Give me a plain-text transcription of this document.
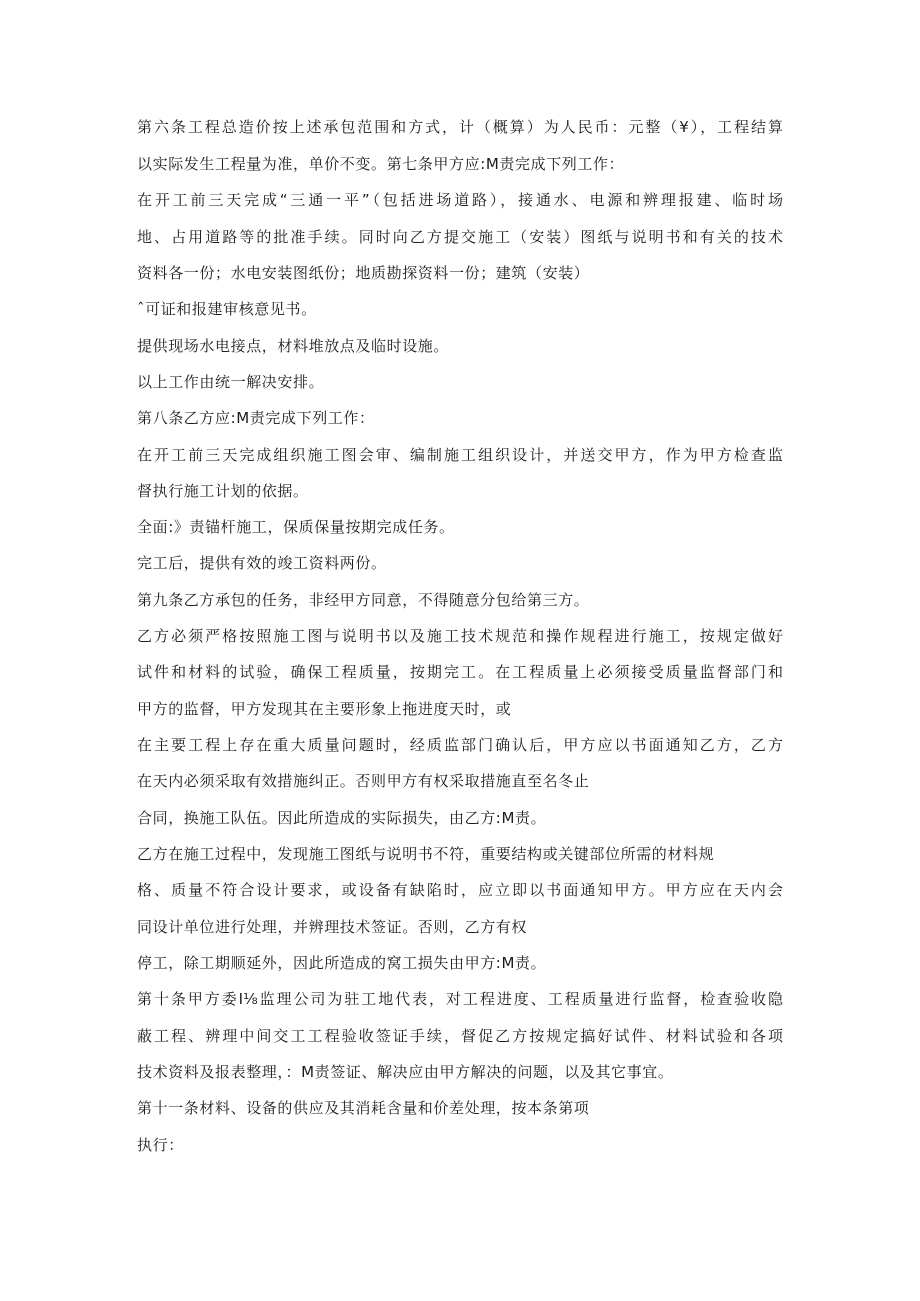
第六条工程总造价按上述承包范围和方式，计（概算）为人民币：元整（¥），工程结算
以实际发生工程量为准，单价不变。第七条甲方应:M责完成下列工作：
在开工前三天完成“三通一平”（包括进场道路），接通水、电源和辨理报建、临时场
地、占用道路等的批准手续。同时向乙方提交施工（安装）图纸与说明书和有关的技术
资料各一份；水电安装图纸份；地质勘探资料一份；建筑（安装）
ˆ可证和报建审核意见书。
提供现场水电接点，材料堆放点及临时设施。
以上工作由统一解决安排。
第八条乙方应:M责完成下列工作：
在开工前三天完成组织施工图会审、编制施工组织设计，并送交甲方，作为甲方检查监
督执行施工计划的依据。
全面:》责锚杆施工，保质保量按期完成任务。
完工后，提供有效的竣工资料两份。
第九条乙方承包的任务，非经甲方同意，不得随意分包给第三方。
乙方必须严格按照施工图与说明书以及施工技术规范和操作规程进行施工，按规定做好
试件和材料的试验，确保工程质量，按期完工。在工程质量上必须接受质量监督部门和
甲方的监督，甲方发现其在主要形象上拖进度天时，或
在主要工程上存在重大质量问题时，经质监部门确认后，甲方应以书面通知乙方，乙方
在天内必须采取有效措施纠正。否则甲方有权采取措施直至名冬止
合同，换施工队伍。因此所造成的实际损失，由乙方:M责。
乙方在施工过程中，发现施工图纸与说明书不符，重要结构或关键部位所需的材料规
格、质量不符合设计要求，或设备有缺陷时，应立即以书面通知甲方。甲方应在天内会
同设计单位进行处理，并辨理技术签证。否则，乙方有权
停工，除工期顺延外，因此所造成的窝工损失由甲方:M责。
第十条甲方委I⅛监理公司为驻工地代表，对工程进度、工程质量进行监督，检查验收隐
蔽工程、辨理中间交工工程验收签证手续，督促乙方按规定搞好试件、材料试验和各项
技术资料及报表整理，：M责签证、解决应由甲方解决的问题，以及其它事宜。
第十一条材料、设备的供应及其消耗含量和价差处理，按本条第项
执行：
